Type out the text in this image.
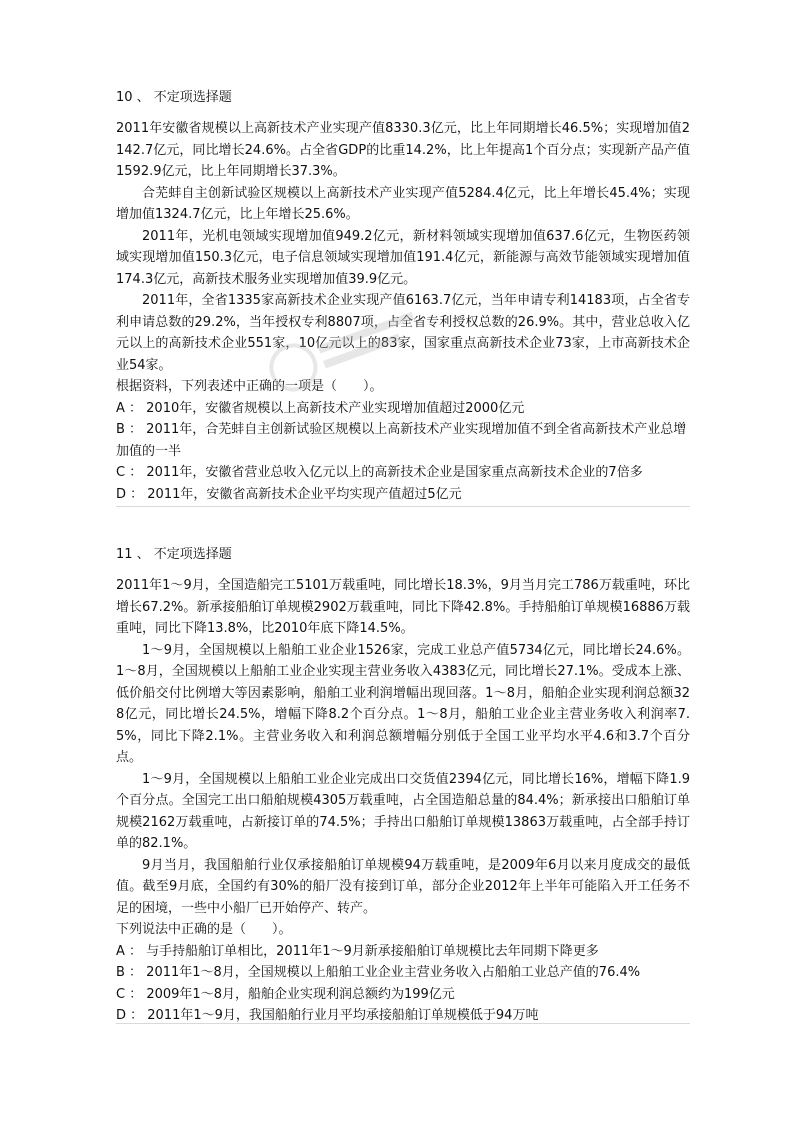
10 、 不定项选择题

2011年安徽省规模以上高新技术产业实现产值8330.3亿元，比上年同期增长46.5%；实现增加值2142.7亿元，同比增长24.6%。占全省GDP的比重14.2%，比上年提高1个百分点；实现新产品产值1592.9亿元，比上年同期增长37.3%。

合芜蚌自主创新试验区规模以上高新技术产业实现产值5284.4亿元，比上年增长45.4%；实现增加值1324.7亿元，比上年增长25.6%。

2011年，光机电领域实现增加值949.2亿元，新材料领域实现增加值637.6亿元，生物医药领域实现增加值150.3亿元，电子信息领域实现增加值191.4亿元，新能源与高效节能领域实现增加值174.3亿元，高新技术服务业实现增加值39.9亿元。

2011年，全省1335家高新技术企业实现产值6163.7亿元，当年申请专利14183项，占全省专利申请总数的29.2%，当年授权专利8807项，占全省专利授权总数的26.9%。其中，营业总收入亿元以上的高新技术企业551家，10亿元以上的83家，国家重点高新技术企业73家，上市高新技术企业54家。

根据资料，下列表述中正确的一项是（　　）。

A ： 2010年，安徽省规模以上高新技术产业实现增加值超过2000亿元

B ： 2011年，合芜蚌自主创新试验区规模以上高新技术产业实现增加值不到全省高新技术产业总增加值的一半

C ： 2011年，安徽省营业总收入亿元以上的高新技术企业是国家重点高新技术企业的7倍多

D ： 2011年，安徽省高新技术企业平均实现产值超过5亿元

11 、 不定项选择题

2011年1～9月，全国造船完工5101万载重吨，同比增长18.3%，9月当月完工786万载重吨，环比增长67.2%。新承接船舶订单规模2902万载重吨，同比下降42.8%。手持船舶订单规模16886万载重吨，同比下降13.8%，比2010年底下降14.5%。

1～9月，全国规模以上船舶工业企业1526家，完成工业总产值5734亿元，同比增长24.6%。1～8月，全国规模以上船舶工业企业实现主营业务收入4383亿元，同比增长27.1%。受成本上涨、低价船交付比例增大等因素影响，船舶工业利润增幅出现回落。1～8月，船舶企业实现利润总额328亿元，同比增长24.5%，增幅下降8.2个百分点。1～8月，船舶工业企业主营业务收入利润率7.5%，同比下降2.1%。主营业务收入和利润总额增幅分别低于全国工业平均水平4.6和3.7个百分点。

1～9月，全国规模以上船舶工业企业完成出口交货值2394亿元，同比增长16%，增幅下降1.9个百分点。全国完工出口船舶规模4305万载重吨，占全国造船总量的84.4%；新承接出口船舶订单规模2162万载重吨，占新接订单的74.5%；手持出口船舶订单规模13863万载重吨，占全部手持订单的82.1%。

9月当月，我国船舶行业仅承接船舶订单规模94万载重吨，是2009年6月以来月度成交的最低值。截至9月底，全国约有30%的船厂没有接到订单，部分企业2012年上半年可能陷入开工任务不足的困境，一些中小船厂已开始停产、转产。

下列说法中正确的是（　　）。

A ： 与手持船舶订单相比，2011年1～9月新承接船舶订单规模比去年同期下降更多

B ： 2011年1～8月，全国规模以上船舶工业企业主营业务收入占船舶工业总产值的76.4%

C ： 2009年1～8月，船舶企业实现利润总额约为199亿元

D ： 2011年1～9月，我国船舶行业月平均承接船舶订单规模低于94万吨
